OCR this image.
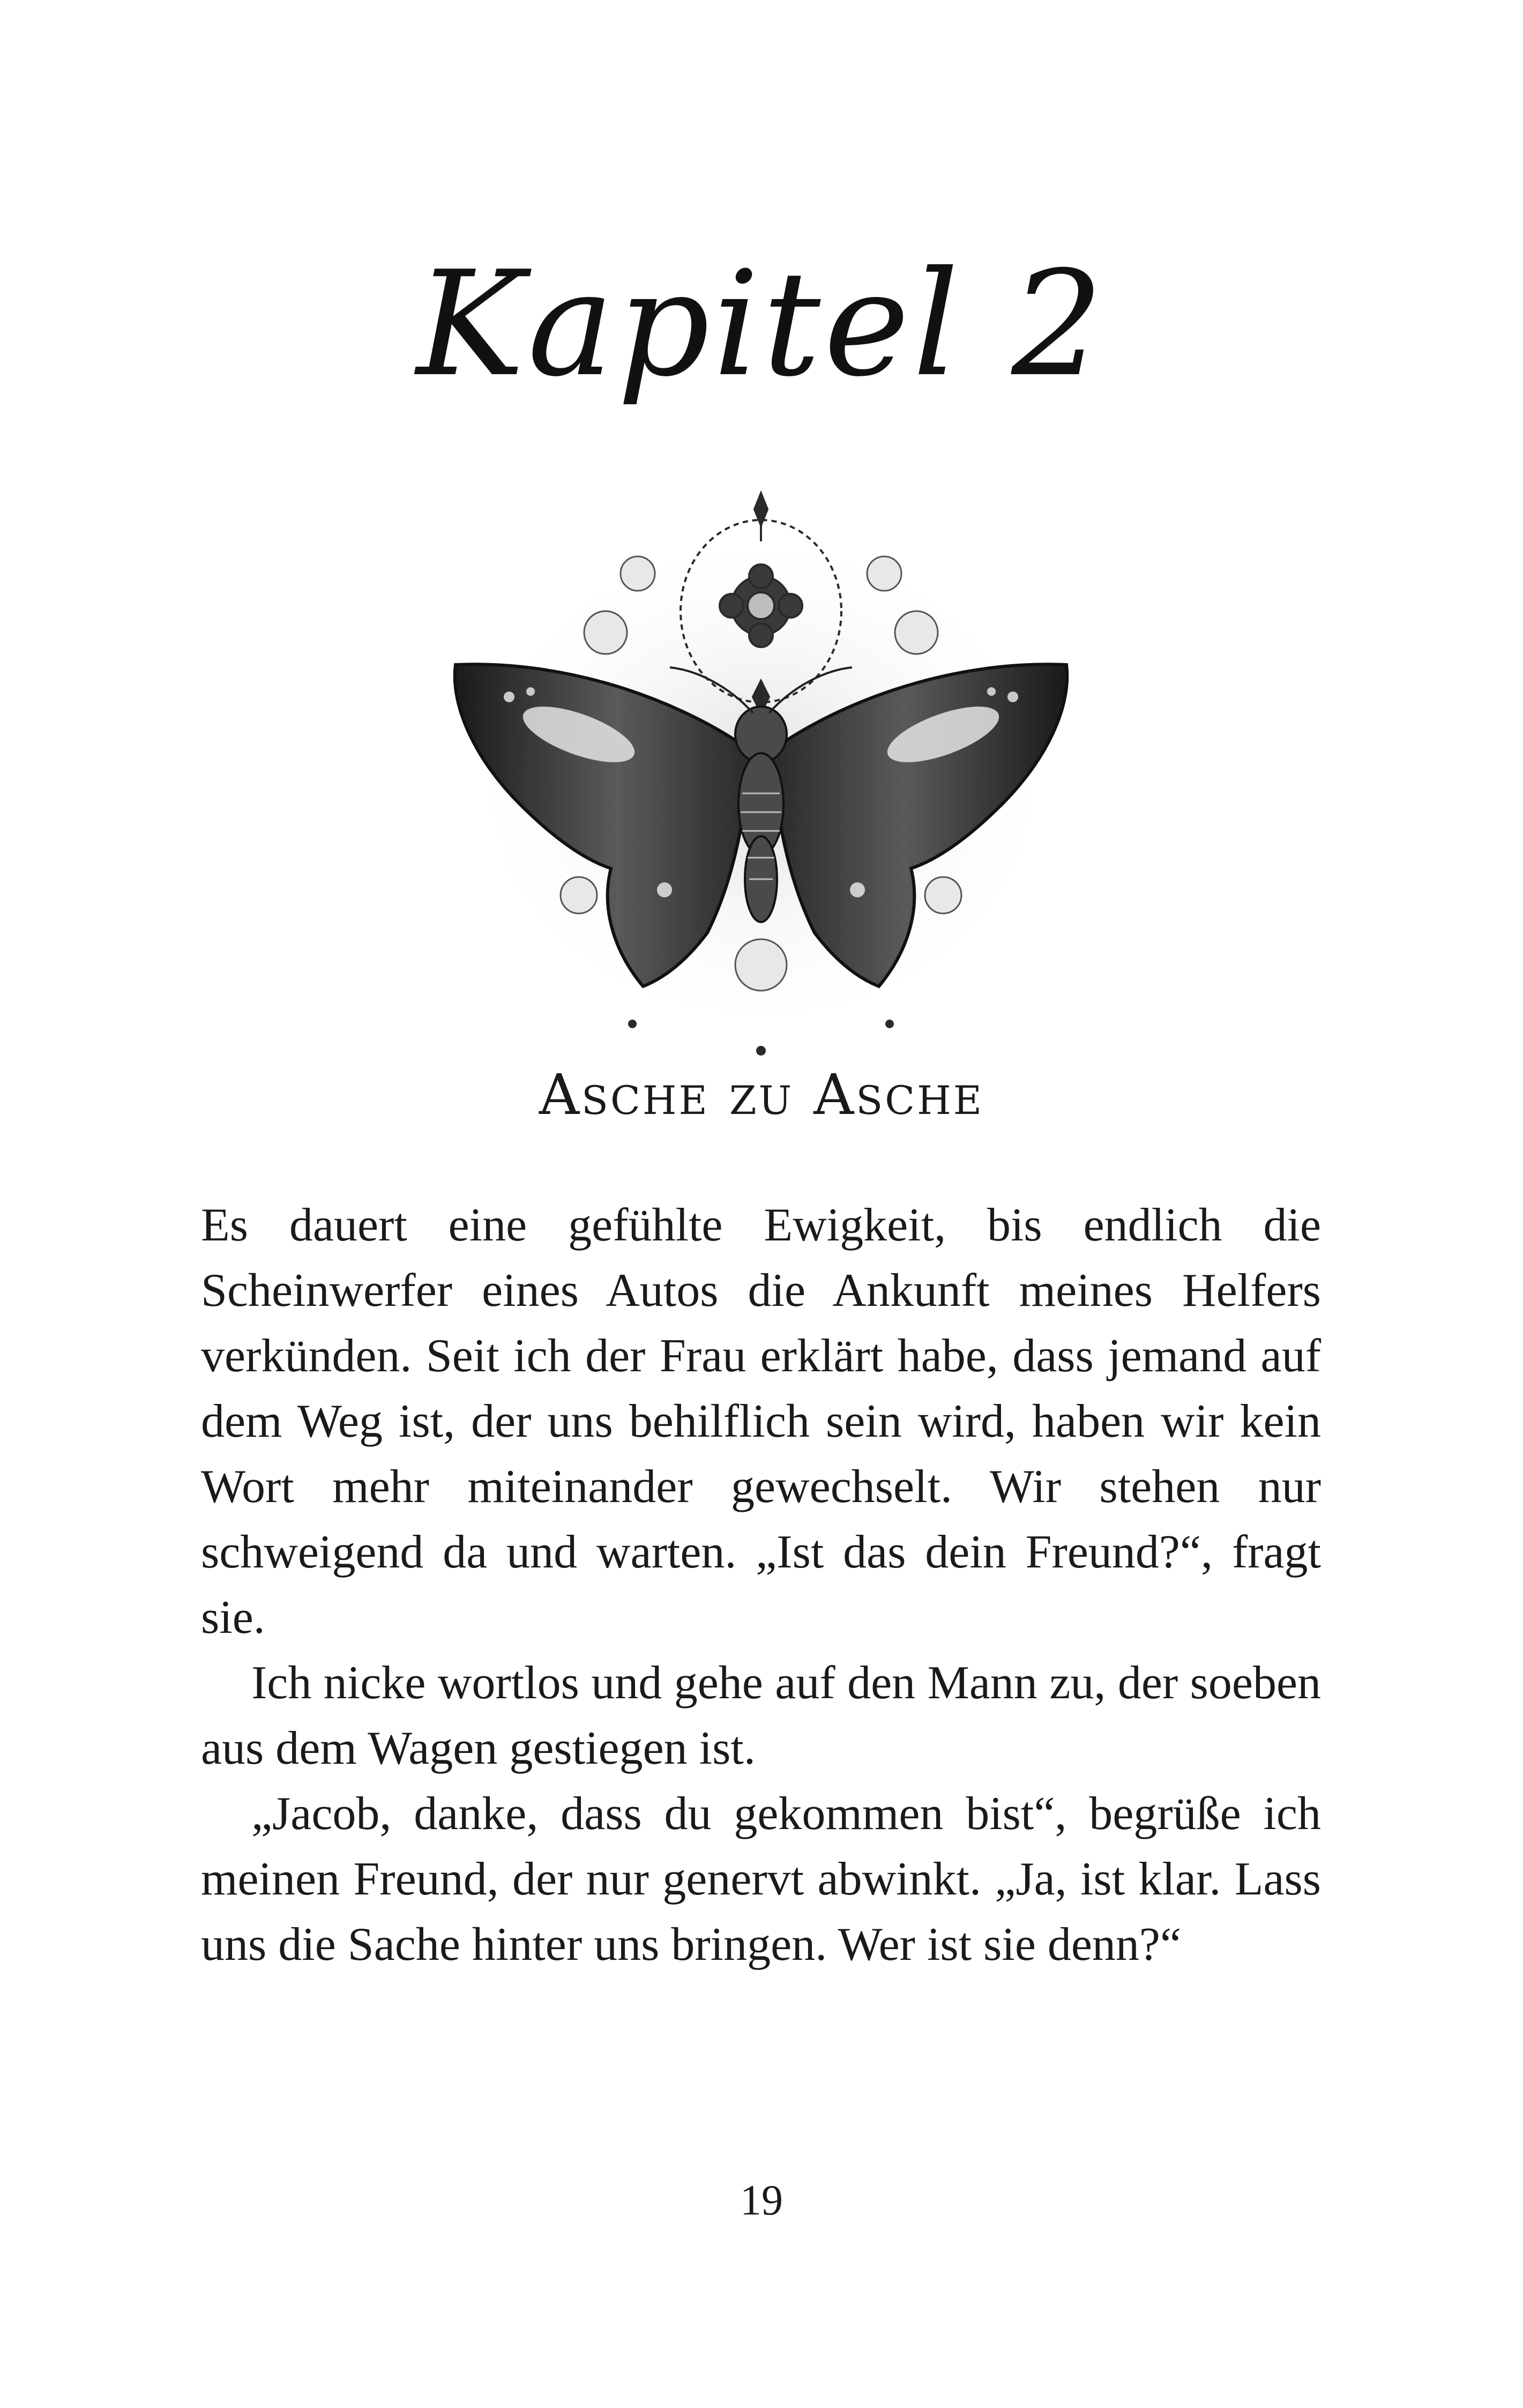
Kapitel 2
Asche zu Asche

Es dauert eine gefühlte Ewigkeit, bis endlich die Scheinwerfer eines Autos die Ankunft meines Helfers verkünden. Seit ich der Frau erklärt habe, dass jemand auf dem Weg ist, der uns behilflich sein wird, haben wir kein Wort mehr miteinander gewechselt. Wir stehen nur schweigend da und warten. „Ist das dein Freund?“, fragt sie.

Ich nicke wortlos und gehe auf den Mann zu, der soeben aus dem Wagen gestiegen ist.

„Jacob, danke, dass du gekommen bist“, begrüße ich meinen Freund, der nur genervt abwinkt. „Ja, ist klar. Lass uns die Sache hinter uns bringen. Wer ist sie denn?“

19
